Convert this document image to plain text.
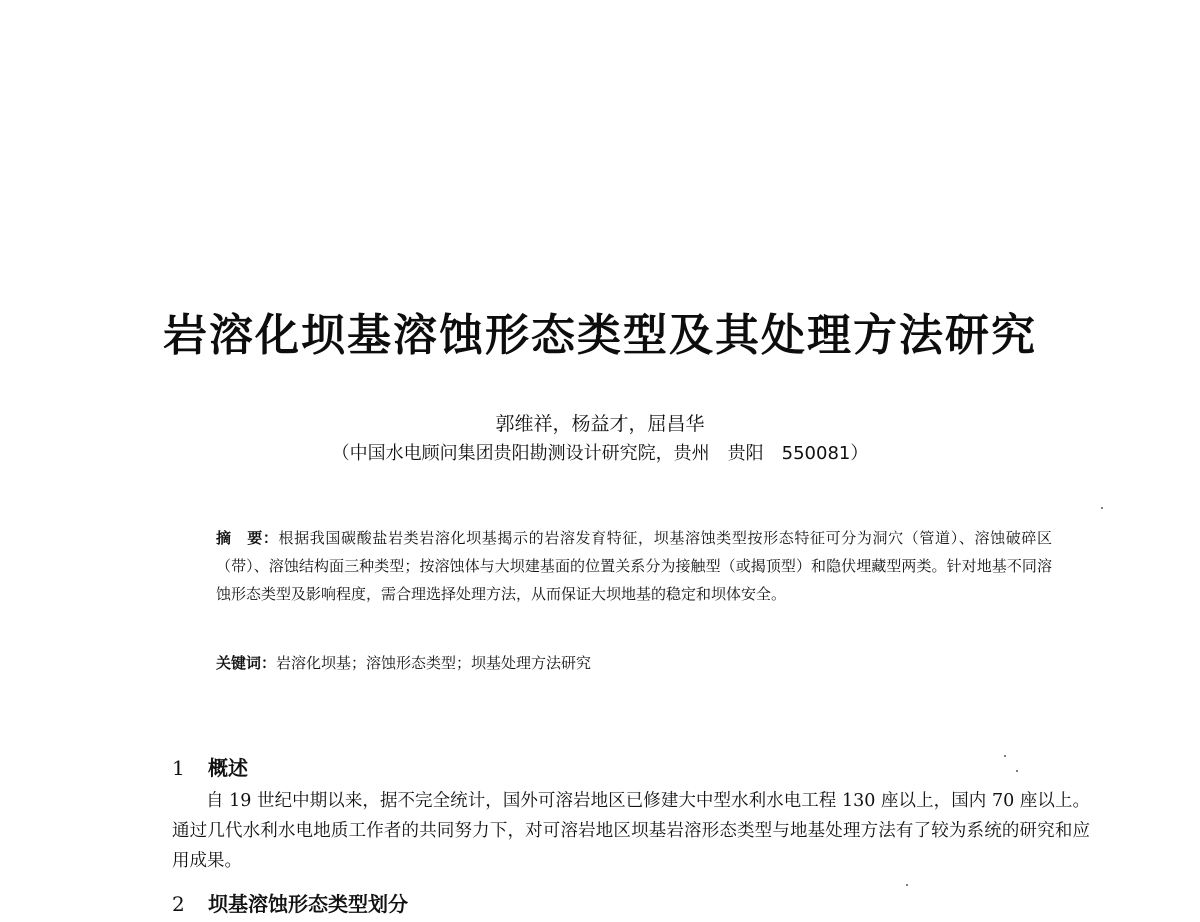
岩溶化坝基溶蚀形态类型及其处理方法研究
郭维祥，杨益才，屈昌华
（中国水电顾问集团贵阳勘测设计研究院，贵州　贵阳　550081）
摘　要：根据我国碳酸盐岩类岩溶化坝基揭示的岩溶发育特征，坝基溶蚀类型按形态特征可分为洞穴（管道）、溶蚀破碎区（带）、溶蚀结构面三种类型；按溶蚀体与大坝建基面的位置关系分为接触型（或揭顶型）和隐伏埋藏型两类。针对地基不同溶蚀形态类型及影响程度，需合理选择处理方法，从而保证大坝地基的稳定和坝体安全。
关键词：岩溶化坝基；溶蚀形态类型；坝基处理方法研究
1 概述
自 19 世纪中期以来，据不完全统计，国外可溶岩地区已修建大中型水利水电工程 130 座以上，国内 70 座以上。通过几代水利水电地质工作者的共同努力下，对可溶岩地区坝基岩溶形态类型与地基处理方法有了较为系统的研究和应用成果。
2 坝基溶蚀形态类型划分
